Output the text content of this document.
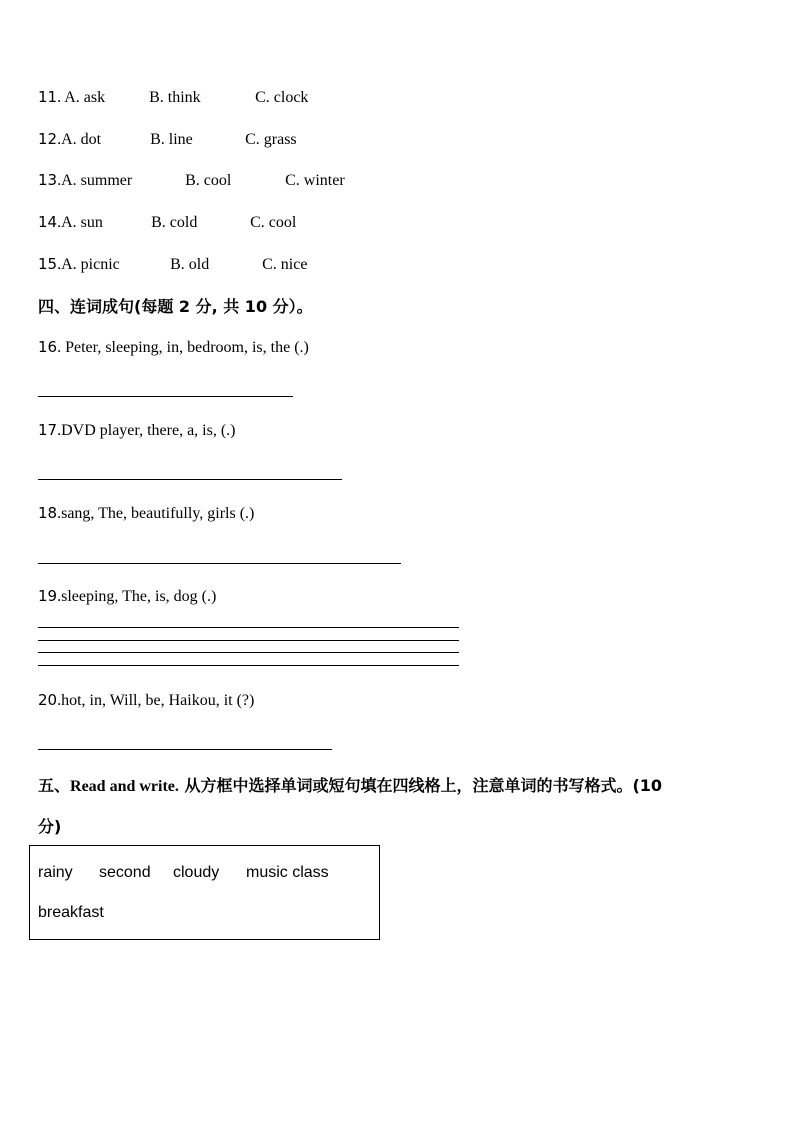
11. A. ask	B. think	C. clock
12.A. dot	B. line	C. grass
13.A. summer	B. cool	C. winter
14.A. sun	B. cold	C. cool
15.A. picnic	B. old	C. nice
四、连词成句(每题 2 分, 共 10 分）。
16. Peter, sleeping, in, bedroom, is, the (.)
17.DVD player, there, a, is, (.)
18.sang, The, beautifully, girls (.)
19.sleeping, The, is, dog (.)
20.hot, in, Will, be, Haikou, it (?)
五、Read and write. 从方框中选择单词或短句填在四线格上，注意单词的书写格式。(10
分)
rainy second cloudy music class
breakfast
